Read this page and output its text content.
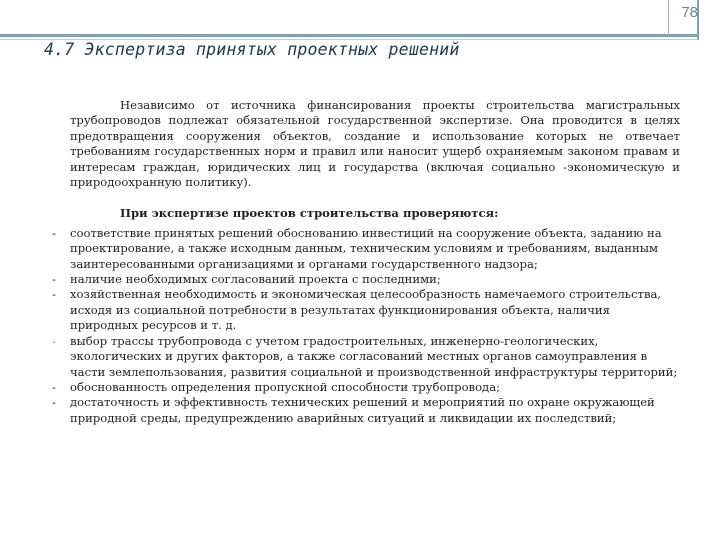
78
4.7 Экспертиза принятых проектных решений

Независимо от источника финансирования проекты строительства магистральных трубопроводов подлежат обязательной государственной экспертизе. Она проводится в целях предотвращения сооружения объектов, создание и использование которых не отвечает требованиям государственных норм и правил или наносит ущерб охраняемым законом правам и интересам граждан, юридических лиц и государства (включая социально -экономическую и природоохранную политику).

При экспертизе проектов строительства проверяются:
- соответствие принятых решений обоснованию инвестиций на сооружение объекта, заданию на проектирование, а также исходным данным, техническим условиям и требованиям, выданным заинтересованными организациями и органами государственного надзора;
- наличие необходимых согласований проекта с последними;
- хозяйственная необходимость и экономическая целесообразность намечаемого строительства, исходя из социальной потребности в результатах функционирования объекта, наличия природных ресурсов и т. д.
- выбор трассы трубопровода с учетом градостроительных, инженерно-геологических, экологических и других факторов, а также согласований местных органов самоуправления в части землепользования, развития социальной и производственной инфраструктуры территорий;
- обоснованность определения пропускной способности трубопровода;
- достаточность и эффективность технических решений и мероприятий по охране окружающей природной среды, предупреждению аварийных ситуаций и ликвидации их последствий;
